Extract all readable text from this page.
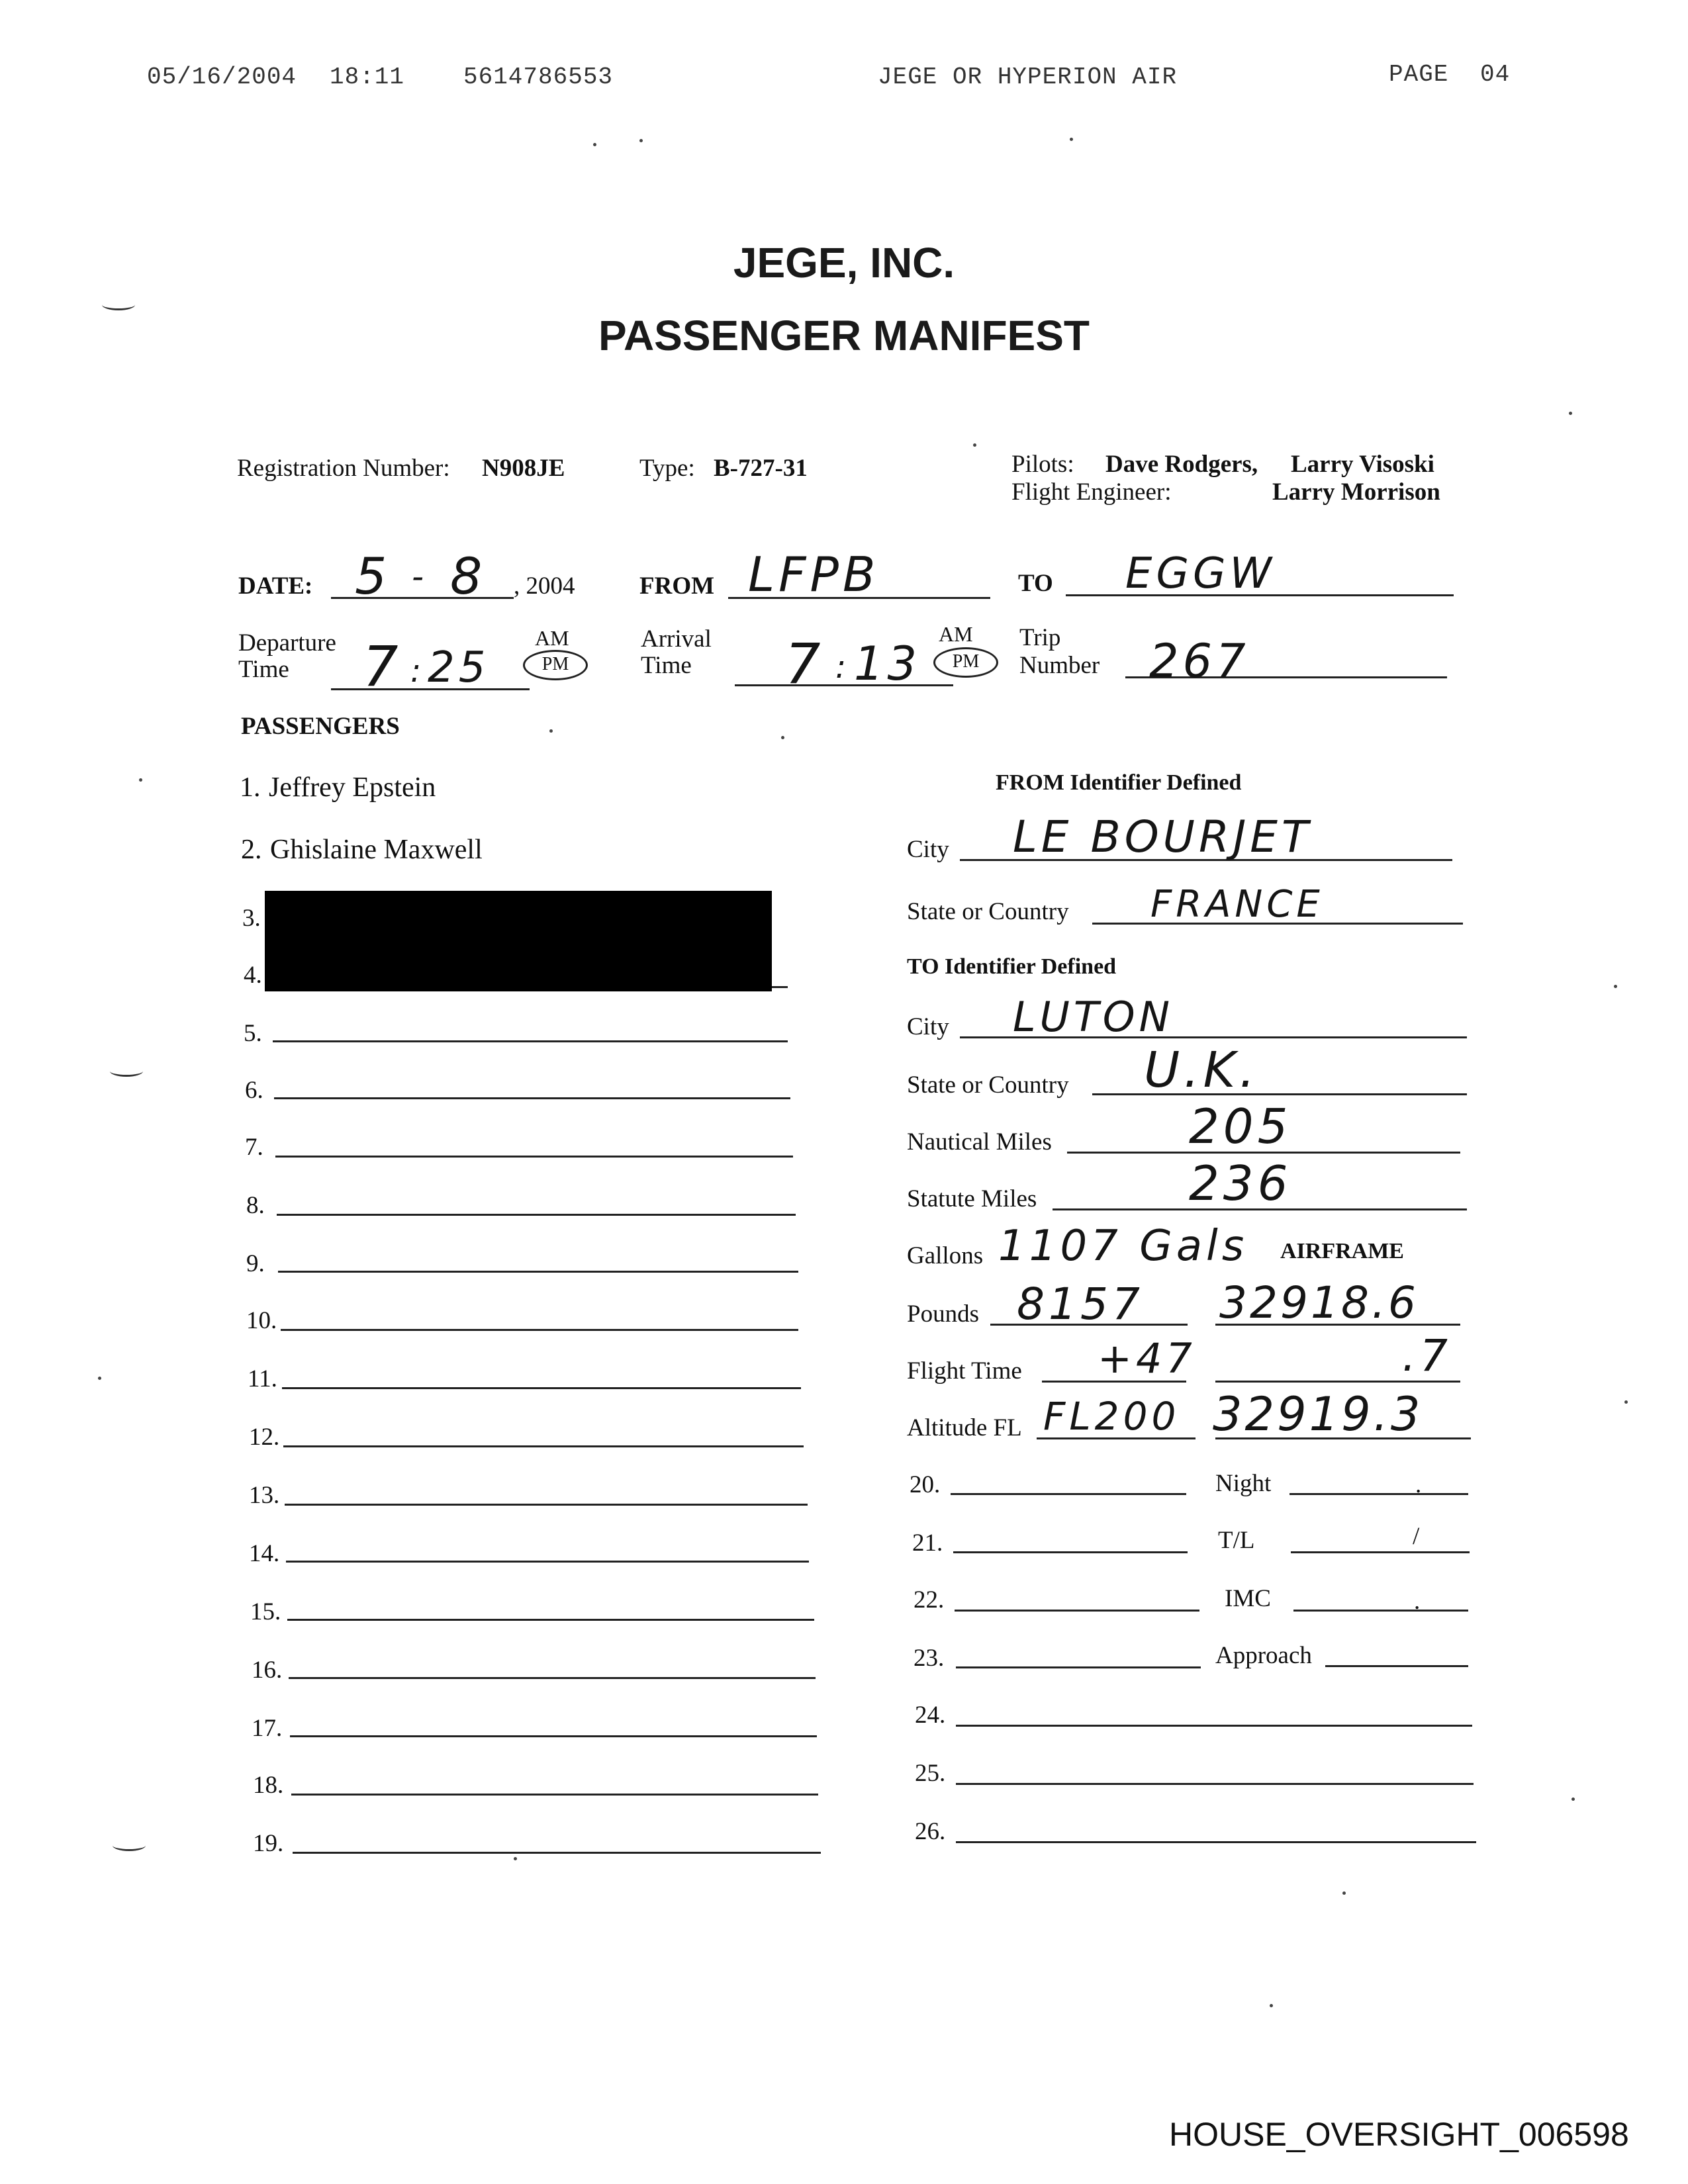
05/16/2004 18:11 5614786553	JEGE OR HYPERION AIR	PAGE 04
JEGE, INC.
PASSENGER MANIFEST
Registration Number: N908JE	Type: B-727-31	Pilots: Dave Rodgers, Larry Visoski
Flight Engineer:	Larry Morrison
DATE: 5 - 8 , 2004	FROM LFPB	TO EGGW
Departure
Time 7 : 25
AM
PM
Arrival
Time 7 : 13
AM
PM
Trip
Number 267
PASSENGERS
1. Jeffrey Epstein
2. Ghislaine Maxwell
3.
4.
5.
6.
7.
8.
9.
10.
11.
12.
13.
14.
15.
16.
17.
18.
19.
FROM Identifier Defined
City LE BOURJET
State or Country FRANCE
TO Identifier Defined
City LUTON
State or Country U.K.
Nautical Miles	205
Statute Miles	236
Gallons 1107 Gals AIRFRAME
Pounds 8157 32918.6
Flight Time +47	.7
Altitude FL FL200 32919.3
20.	Night	.
21.	T/L	/
22.	IMC	.
23.	Approach
24.
25.
26.
HOUSE_OVERSIGHT_006598
